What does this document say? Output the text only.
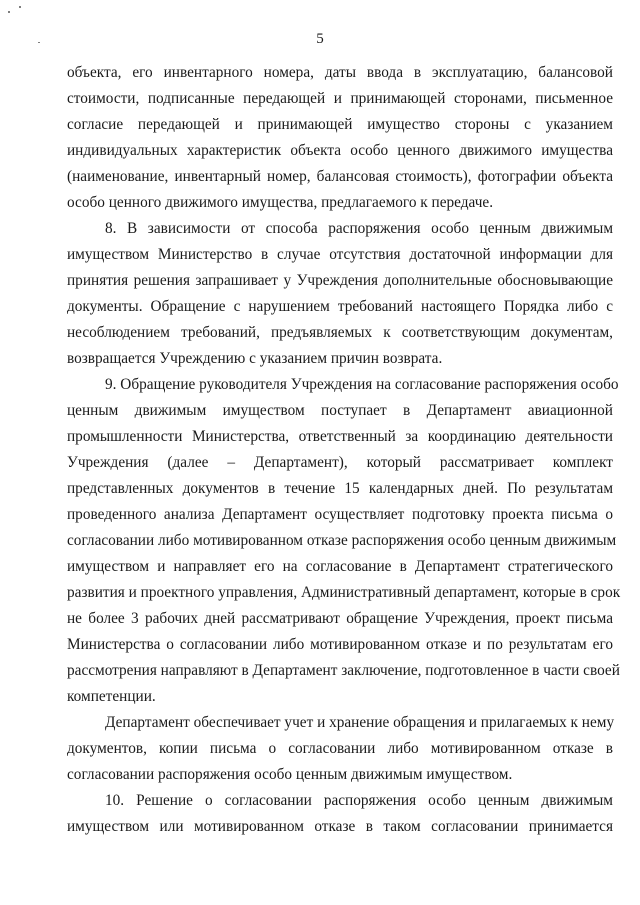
5
объекта, его инвентарного номера, даты ввода в эксплуатацию, балансовой
стоимости, подписанные передающей и принимающей сторонами, письменное
согласие передающей и принимающей имущество стороны с указанием
индивидуальных характеристик объекта особо ценного движимого имущества
(наименование, инвентарный номер, балансовая стоимость), фотографии объекта
особо ценного движимого имущества, предлагаемого к передаче.
8. В зависимости от способа распоряжения особо ценным движимым
имуществом Министерство в случае отсутствия достаточной информации для
принятия решения запрашивает у Учреждения дополнительные обосновывающие
документы. Обращение с нарушением требований настоящего Порядка либо с
несоблюдением требований, предъявляемых к соответствующим документам,
возвращается Учреждению с указанием причин возврата.
9. Обращение руководителя Учреждения на согласование распоряжения особо
ценным движимым имуществом поступает в Департамент авиационной
промышленности Министерства, ответственный за координацию деятельности
Учреждения (далее – Департамент), который рассматривает комплект
представленных документов в течение 15 календарных дней. По результатам
проведенного анализа Департамент осуществляет подготовку проекта письма о
согласовании либо мотивированном отказе распоряжения особо ценным движимым
имуществом и направляет его на согласование в Департамент стратегического
развития и проектного управления, Административный департамент, которые в срок
не более 3 рабочих дней рассматривают обращение Учреждения, проект письма
Министерства о согласовании либо мотивированном отказе и по результатам его
рассмотрения направляют в Департамент заключение, подготовленное в части своей
компетенции.
Департамент обеспечивает учет и хранение обращения и прилагаемых к нему
документов, копии письма о согласовании либо мотивированном отказе в
согласовании распоряжения особо ценным движимым имуществом.
10. Решение о согласовании распоряжения особо ценным движимым
имуществом или мотивированном отказе в таком согласовании принимается
